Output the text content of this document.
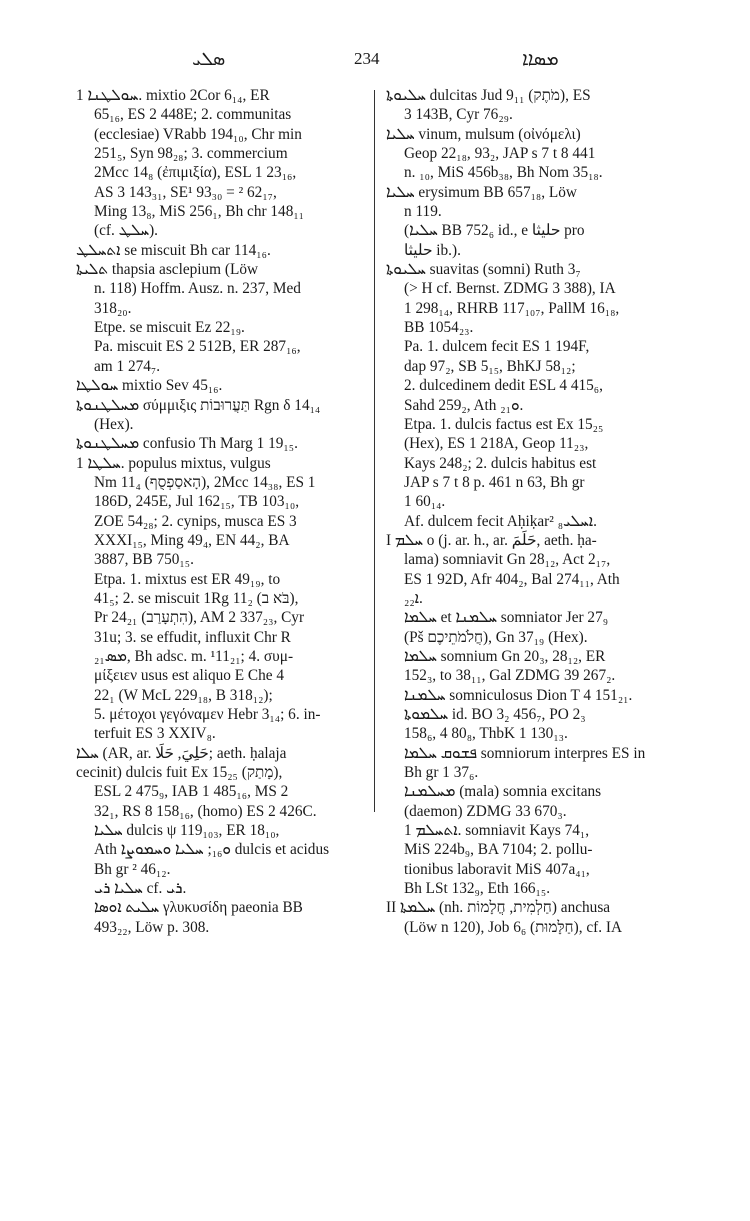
ܣܠܝ	234	ܡܣܐܐ
ܚܘܠܛܢܐ 1. mixtio 2Cor 6₁₄, ER
65₁₆, ES 2 448E; 2. communitas
(ecclesiae) VRabb 194₁₀, Chr min
251₅, Syn 98₂₈; 3. commercium
2Mcc 14₈ (ἐπιμιξία), ESL 1 23₁₆,
AS 3 143₃₁, SE¹ 93₃₀ = ² 62₁₇,
Ming 13₈, MiS 256₁, Bh chr 148₁₁
(cf. ܚܠܛ).
ܐܬܚܠܛ se miscuit Bh car 114₁₆.
ܬܠܝܬܐ thapsia asclepium (Löw
n. 118) Hoffm. Ausz. n. 237, Med
318₂₀.
Etpe. se miscuit Ez 22₁₉.
Pa. miscuit ES 2 512B, ER 287₁₆,
am 1 274₇.
ܚܘܠܛܐ mixtio Sev 45₁₆.
ܡܚܠܛܢܘܬܐ σύμμιξις תַּעֲרוּבוֹת Rgn δ 14₁₄
(Hex).
ܡܚܠܛܢܘܬܐ confusio Th Marg 1 19₁₅.
ܚܠܛܐ 1. populus mixtus, vulgus
Nm 11₄ (הָאסַפְסֻף), 2Mcc 14₃₈, ES 1
186D, 245E, Jul 162₁₅, TB 103₁₀,
ZOE 54₂₈; 2. cynips, musca ES 3
XXXI₁₅, Ming 49₄, EN 44₂, BA
3887, BB 750₁₅.
Etpa. 1. mixtus est ER 49₁₉, to
41₅; 2. se miscuit 1Rg 11₂ (בֹּא ב),
Pr 24₂₁ (הִתְעָרַב), AM 2 337₂₃, Cyr
31u; 3. se effudit, influxit Chr R
ܡܣ₂₁, Bh adsc. m. ¹11₂₁; 4. συμ-
μίξειεν usus est aliquo E Che 4
22₁ (W McL 229₁₈, B 318₁₂);
5. μέτοχοι γεγόναμεν Hebr 3₁₄; 6. in-
terfuit ES 3 XXIV₈.
ܚܠܐ (AR, ar. حَلِيَ, حَلَا; aeth. ḥalaja
cecinit) dulcis fuit Ex 15₂₅ (מָתַק),
ESL 2 475₉, IAB 1 485₁₆, MS 2
32₁, RS 8 158₁₆, (homo) ES 2 426C.
ܚܠܝܐ dulcis ψ 119₁₀₃, ER 18₁₀,
Ath ܘ₁₆; ܚܠܝܐ ܘܚܡܘܨܐ dulcis et acidus
Bh gr ² 46₁₂.
ܚܠܝܐ ܪܝ cf. ܪܝ.
ܚܠܝܬ ܐܘܣܐ γλυκυσίδη paeonia BB
493₂₂, Löw p. 308.
ܚܠܝܘܬܐ dulcitas Jud 9₁₁ (מֹתֶק), ES
3 143B, Cyr 76₂₉.
ܚܠܝܐ vinum, mulsum (οἰνόμελι)
Geop 22₁₈, 93₂, JAP s 7 t 8 441
n. ₁₀, MiS 456b₃₈, Bh Nom 35₁₈.
ܚܠܝܐ erysimum BB 657₁₈, Löw
n 119.
(ܚܠܝܐ BB 752₆ id., e حليثا pro
حليثا ib.).
ܚܠܝܘܬܐ suavitas (somni) Ruth 3₇
(> H cf. Bernst. ZDMG 3 388), IA
1 298₁₄, RHRB 117₁₀₇, PallM 16₁₈,
BB 1054₂₃.
Pa. 1. dulcem fecit ES 1 194F,
dap 97₂, SB 5₁₅, BhKJ 58₁₂;
2. dulcedinem dedit ESL 4 415₆,
Sahd 259₂, Ath ܘ₂₁.
Etpa. 1. dulcis factus est Ex 15₂₅
(Hex), ES 1 218A, Geop 11₂₃,
Kays 248₂; 2. dulcis habitus est
JAP s 7 t 8 p. 461 n 63, Bh gr
1 60₁₄.
Af. dulcem fecit Aḥiḳar² ܐܚܠܝ₈.
I ܚܠܡ o (j. ar. h., ar. حَلَمَ, aeth. ḥa-
lama) somniavit Gn 28₁₂, Act 2₁₇,
ES 1 92D, Afr 404₂, Bal 274₁₁, Ath
ܐ₂₂.
ܚܠܡܐ et ܚܠܡܢܐ somniator Jer 27₉
(Pš חֲלֹמֹתֵיכֶם), Gn 37₁₉ (Hex).
ܚܠܡܐ somnium Gn 20₃, 28₁₂, ER
152₃, to 38₁₁, Gal ZDMG 39 267₂.
ܚܠܡܢܐ somniculosus Dion T 4 151₂₁.
ܚܠܡܘܬܐ id. BO 3₂ 456₇, PO 2₃
158₆, 4 80₈, ThbK 1 130₁₃.
ܦܫܘܩ ܚܠܡܐ somniorum interpres ES in
Bh gr 1 37₆.
ܡܚܠܡܢܐ (mala) somnia excitans
(daemon) ZDMG 33 670₃.
ܐܬܚܠܡ 1. somniavit Kays 74₁,
MiS 224b₉, BA 7104; 2. pollu-
tionibus laboravit MiS 407a₄₁,
Bh LSt 132₉, Eth 166₁₅.
II ܚܠܡܬܐ (nh. חַלְמִית, חֲלָמוֹת) anchusa
(Löw n 120), Job 6₆ (חַלָּמוּת), cf. IA
